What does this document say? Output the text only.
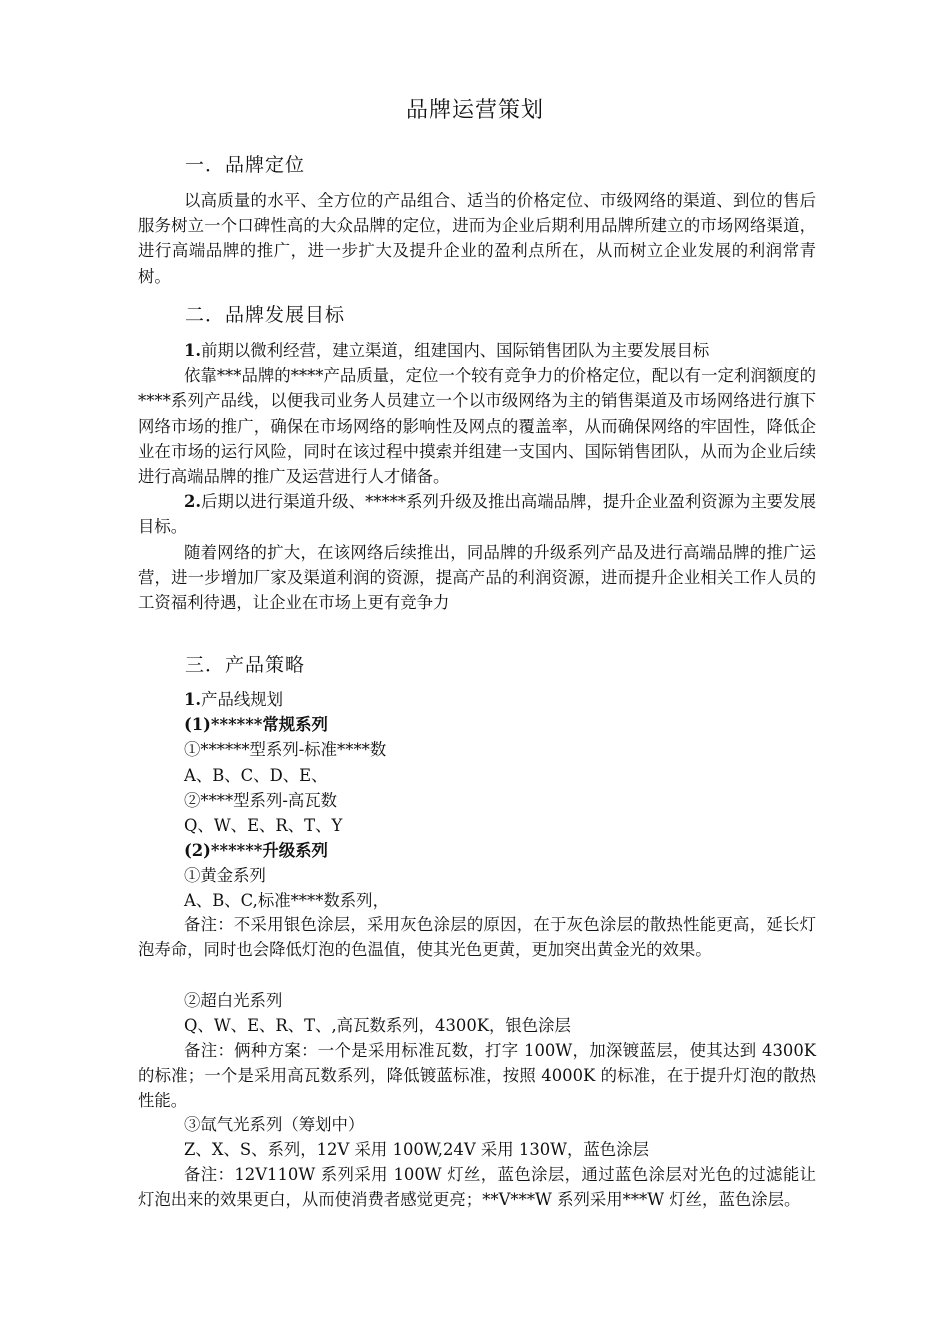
品牌运营策划
一．品牌定位

以高质量的水平、全方位的产品组合、适当的价格定位、市级网络的渠道、到位的售后服务树立一个口碑性高的大众品牌的定位，进而为企业后期利用品牌所建立的市场网络渠道，进行高端品牌的推广，进一步扩大及提升企业的盈利点所在，从而树立企业发展的利润常青树。

二．品牌发展目标

1.前期以微利经营，建立渠道，组建国内、国际销售团队为主要发展目标

依靠***品牌的****产品质量，定位一个较有竞争力的价格定位，配以有一定利润额度的****系列产品线，以便我司业务人员建立一个以市级网络为主的销售渠道及市场网络进行旗下网络市场的推广，确保在市场网络的影响性及网点的覆盖率，从而确保网络的牢固性，降低企业在市场的运行风险，同时在该过程中摸索并组建一支国内、国际销售团队，从而为企业后续进行高端品牌的推广及运营进行人才储备。

2.后期以进行渠道升级、*****系列升级及推出高端品牌，提升企业盈利资源为主要发展目标。

随着网络的扩大，在该网络后续推出，同品牌的升级系列产品及进行高端品牌的推广运营，进一步增加厂家及渠道利润的资源，提高产品的利润资源，进而提升企业相关工作人员的工资福利待遇，让企业在市场上更有竞争力

三．产品策略
1.产品线规划
(1)******常规系列
①******型系列-标准****数
A、B、C、D、E、
②****型系列-高瓦数
Q、W、E、R、T、Y
(2)******升级系列
①黄金系列
A、B、C,标准****数系列，

备注：不采用银色涂层，采用灰色涂层的原因，在于灰色涂层的散热性能更高，延长灯泡寿命，同时也会降低灯泡的色温值，使其光色更黄，更加突出黄金光的效果。

②超白光系列
Q、W、E、R、T、,高瓦数系列，4300K，银色涂层

备注：俩种方案：一个是采用标准瓦数，打字 100W，加深镀蓝层，使其达到 4300K 的标准；一个是采用高瓦数系列，降低镀蓝标准，按照 4000K 的标准，在于提升灯泡的散热性能。

③氙气光系列（筹划中）
Z、X、S、系列，12V 采用 100W,24V 采用 130W，蓝色涂层

备注：12V110W 系列采用 100W 灯丝，蓝色涂层，通过蓝色涂层对光色的过滤能让灯泡出来的效果更白，从而使消费者感觉更亮；**V***W 系列采用***W 灯丝，蓝色涂层。
